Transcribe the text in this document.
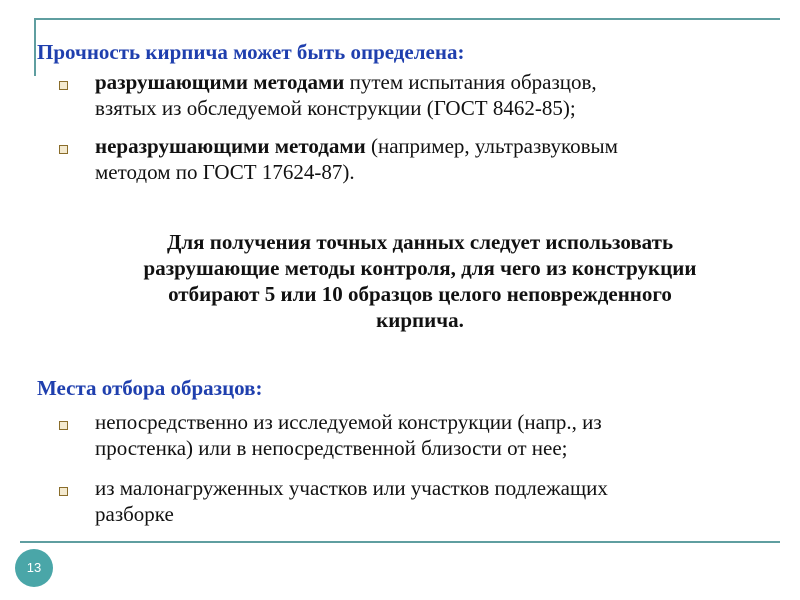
Прочность кирпича может быть определена:
разрушающими методами путем испытания образцов,
взятых из обследуемой конструкции (ГОСТ 8462-85);
неразрушающими методами (например, ультразвуковым
методом по ГОСТ 17624-87).
Для получения точных данных следует использовать
разрушающие методы контроля, для чего из конструкции
отбирают 5 или 10 образцов целого неповрежденного
кирпича.
Места отбора образцов:
непосредственно из исследуемой конструкции (напр., из
простенка) или в непосредственной близости от нее;
из малонагруженных участков или участков подлежащих
разборке
13
